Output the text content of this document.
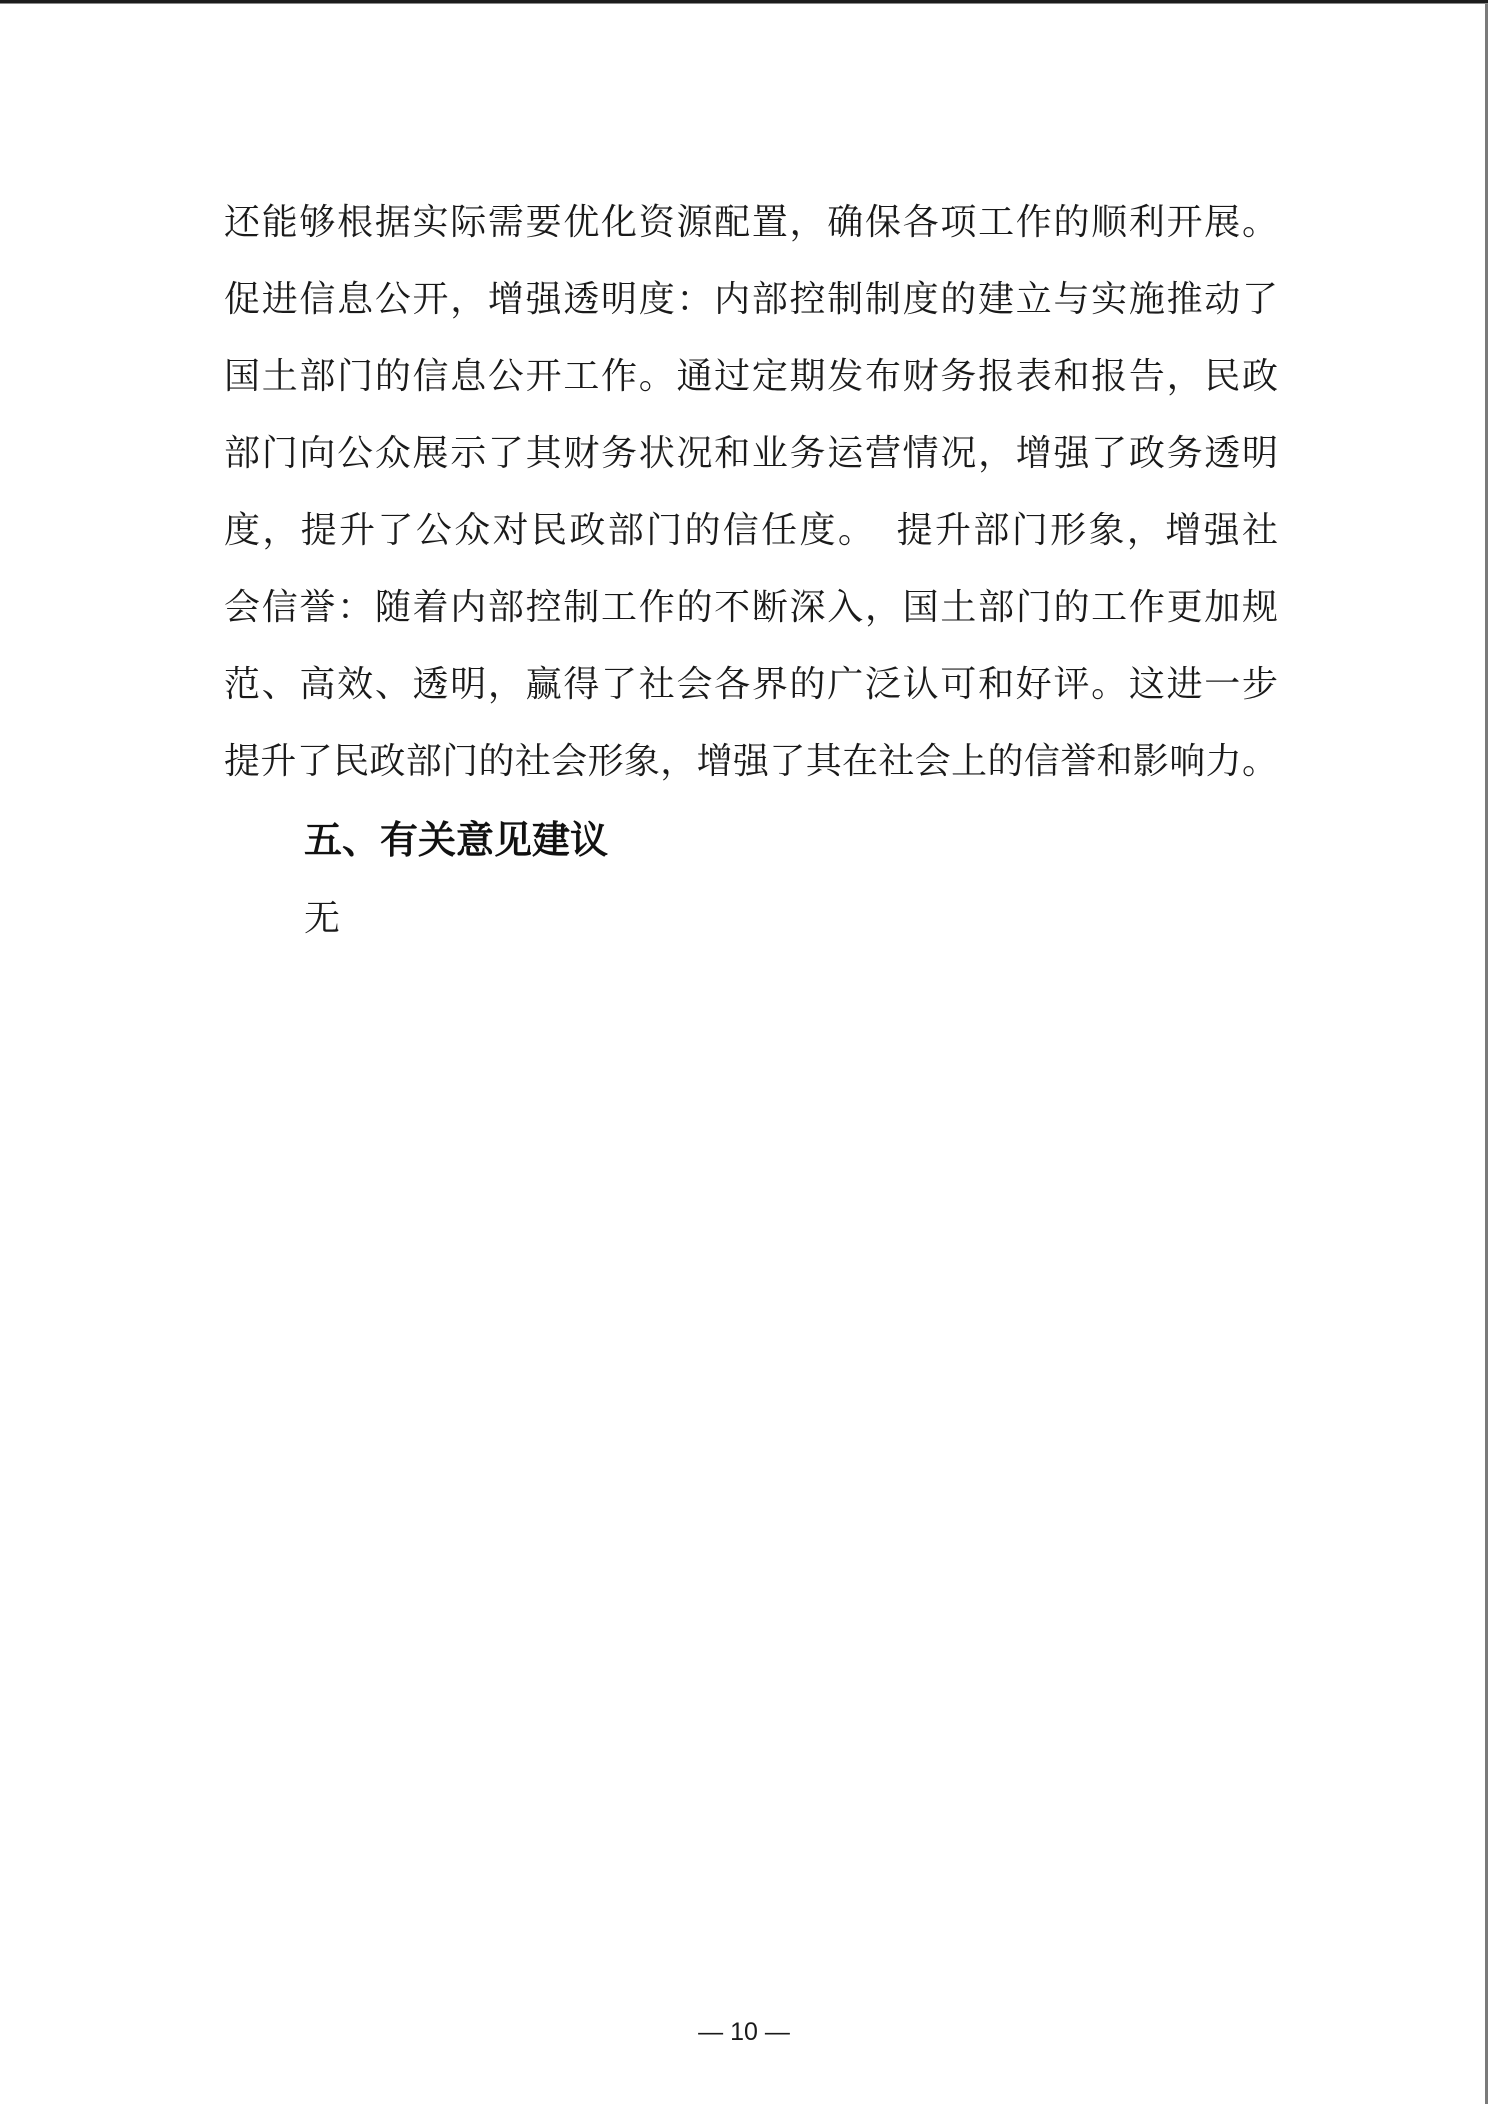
还能够根据实际需要优化资源配置，确保各项工作的顺利开展。
促进信息公开，增强透明度：内部控制制度的建立与实施推动了
国土部门的信息公开工作。通过定期发布财务报表和报告，民政
部门向公众展示了其财务状况和业务运营情况，增强了政务透明
度，提升了公众对民政部门的信任度。　提升部门形象，增强社
会信誉：随着内部控制工作的不断深入，国土部门的工作更加规
范、高效、透明，赢得了社会各界的广泛认可和好评。这进一步
提升了民政部门的社会形象，增强了其在社会上的信誉和影响力。
五、有关意见建议
无
— 10 —
